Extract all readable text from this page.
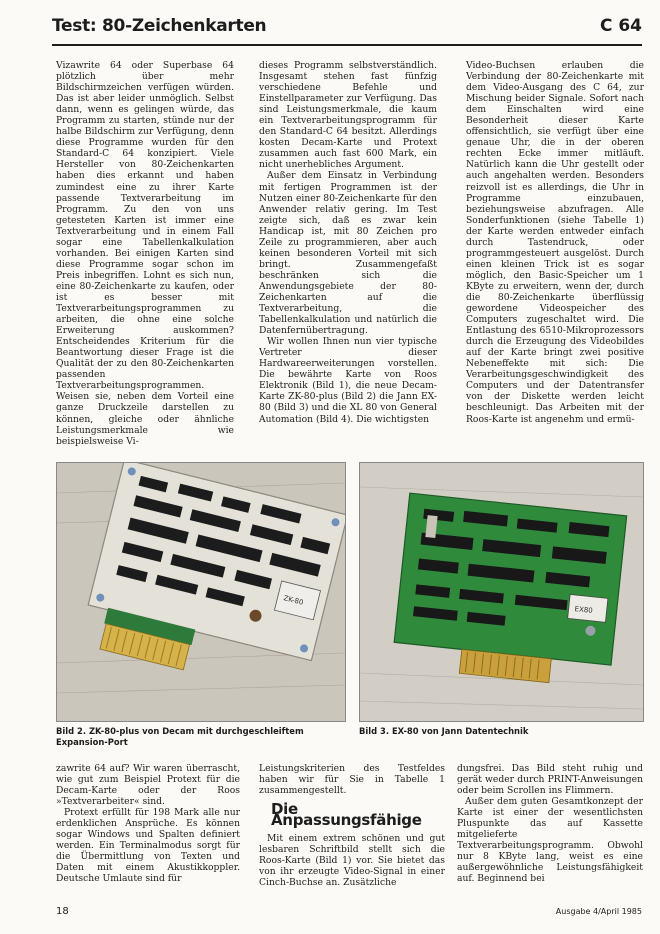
Test: 80-Zeichenkarten	C 64

Vizawrite 64 oder Superbase 64 plötzlich über mehr Bildschirmzeichen verfügen würden. Das ist aber leider unmöglich. Selbst dann, wenn es gelingen würde, das Programm zu starten, stünde nur der halbe Bildschirm zur Verfügung, denn diese Programme wurden für den Standard-C 64 konzipiert. Viele Hersteller von 80-Zeichenkarten haben dies erkannt und haben zumindest eine zu ihrer Karte passende Textverarbeitung im Programm. Zu den von uns getesteten Karten ist immer eine Textverarbeitung und in einem Fall sogar eine Tabellenkalkulation vorhanden. Bei einigen Karten sind diese Programme sogar schon im Preis inbegriffen. Lohnt es sich nun, eine 80-Zeichenkarte zu kaufen, oder ist es besser mit Textverarbeitungsprogrammen zu arbeiten, die ohne eine solche Erweiterung auskommen? Entscheidendes Kriterium für die Beantwortung dieser Frage ist die Qualität der zu den 80-Zeichenkarten passenden Textverarbeitungsprogrammen. Weisen sie, neben dem Vorteil eine ganze Druckzeile darstellen zu können, gleiche oder ähnliche Leistungsmerkmale wie beispielsweise Vi-

dieses Programm selbstverständlich. Insgesamt stehen fast fünfzig verschiedene Befehle und Einstellparameter zur Verfügung. Das sind Leistungsmerkmale, die kaum ein Textverarbeitungsprogramm für den Standard-C 64 besitzt. Allerdings kosten Decam-Karte und Protext zusammen auch fast 600 Mark, ein nicht unerhebliches Argument.

Außer dem Einsatz in Verbindung mit fertigen Programmen ist der Nutzen einer 80-Zeichenkarte für den Anwender relativ gering. Im Test zeigte sich, daß es zwar kein Handicap ist, mit 80 Zeichen pro Zeile zu programmieren, aber auch keinen besonderen Vorteil mit sich bringt. Zusammengefaßt beschränken sich die Anwendungsgebiete der 80-Zeichenkarten auf die Textverarbeitung, die Tabellenkalkulation und natürlich die Datenfernübertragung.

Wir wollen Ihnen nun vier typische Vertreter dieser Hardwareerweiterungen vorstellen. Die bewährte Karte von Roos Elektronik (Bild 1), die neue Decam-Karte ZK-80-plus (Bild 2) die Jann EX-80 (Bild 3) und die XL 80 von General Automation (Bild 4). Die wichtigsten

Video-Buchsen erlauben die Verbindung der 80-Zeichenkarte mit dem Video-Ausgang des C 64, zur Mischung beider Signale. Sofort nach dem Einschalten wird eine Besonderheit dieser Karte offensichtlich, sie verfügt über eine genaue Uhr, die in der oberen rechten Ecke immer mitläuft. Natürlich kann die Uhr gestellt oder auch angehalten werden. Besonders reizvoll ist es allerdings, die Uhr in Programme einzubauen, beziehungsweise abzufragen. Alle Sonderfunktionen (siehe Tabelle 1) der Karte werden entweder einfach durch Tastendruck, oder programmgesteuert ausgelöst. Durch einen kleinen Trick ist es sogar möglich, den Basic-Speicher um 1 KByte zu erweitern, wenn der, durch die 80-Zeichenkarte überflüssig gewordene Videospeicher des Computers zugeschaltet wird. Die Entlastung des 6510-Mikroprozessors durch die Erzeugung des Videobildes auf der Karte bringt zwei positive Nebeneffekte mit sich: Die Verarbeitungsgeschwindigkeit des Computers und der Datentransfer von der Diskette werden leicht beschleunigt. Das Arbeiten mit der Roos-Karte ist angenehm und ermü-

ZK-80
EX80
Bild 2. ZK-80-plus von Decam mit durchgeschleiftem Expansion-Port
Bild 3. EX-80 von Jann Datentechnik

zawrite 64 auf? Wir waren überrascht, wie gut zum Beispiel Protext für die Decam-Karte oder der Roos »Textverarbeiter« sind.

Protext erfüllt für 198 Mark alle nur erdenklichen Ansprüche. Es können sogar Windows und Spalten definiert werden. Ein Terminalmodus sorgt für die Übermittlung von Texten und Daten mit einem Akustikkoppler. Deutsche Umlaute sind für

Leistungskriterien des Testfeldes haben wir für Sie in Tabelle 1 zusammengestellt.

Die Anpassungsfähige

Mit einem extrem schönen und gut lesbaren Schriftbild stellt sich die Roos-Karte (Bild 1) vor. Sie bietet das von ihr erzeugte Video-Signal in einer Cinch-Buchse an. Zusätzliche

dungsfrei. Das Bild steht ruhig und gerät weder durch PRINT-Anweisungen oder beim Scrollen ins Flimmern.

Außer dem guten Gesamtkonzept der Karte ist einer der wesentlichsten Pluspunkte das auf Kassette mitgelieferte Textverarbeitungsprogramm. Obwohl nur 8 KByte lang, weist es eine außergewöhnliche Leistungsfähigkeit auf. Beginnend bei

18	Ausgabe 4/April 1985
